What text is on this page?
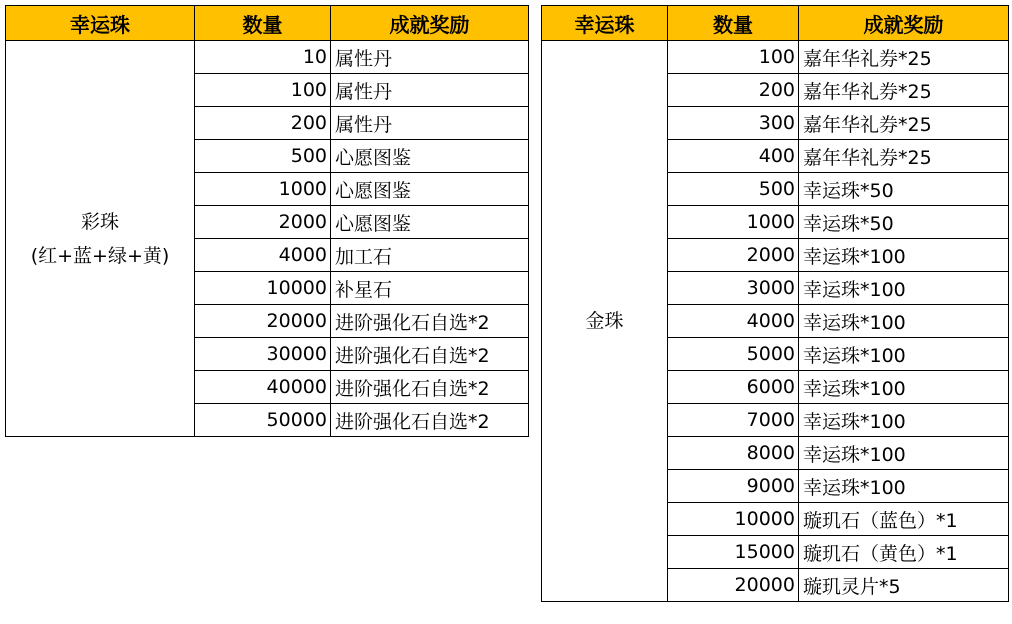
幸运珠	数量	成就奖励

彩珠
(红+蓝+绿+黄)	10	属性丹
	100	属性丹
	200	属性丹
	500	心愿图鉴
	1000	心愿图鉴
	2000	心愿图鉴
	4000	加工石
	10000	补星石
	20000	进阶强化石自选*2
	30000	进阶强化石自选*2
	40000	进阶强化石自选*2
	50000	进阶强化石自选*2
幸运珠	数量	成就奖励

金珠	100	嘉年华礼券*25
	200	嘉年华礼券*25
	300	嘉年华礼券*25
	400	嘉年华礼券*25
	500	幸运珠*50
	1000	幸运珠*50
	2000	幸运珠*100
	3000	幸运珠*100
	4000	幸运珠*100
	5000	幸运珠*100
	6000	幸运珠*100
	7000	幸运珠*100
	8000	幸运珠*100
	9000	幸运珠*100
	10000	璇玑石（蓝色）*1
	15000	璇玑石（黄色）*1
	20000	璇玑灵片*5
